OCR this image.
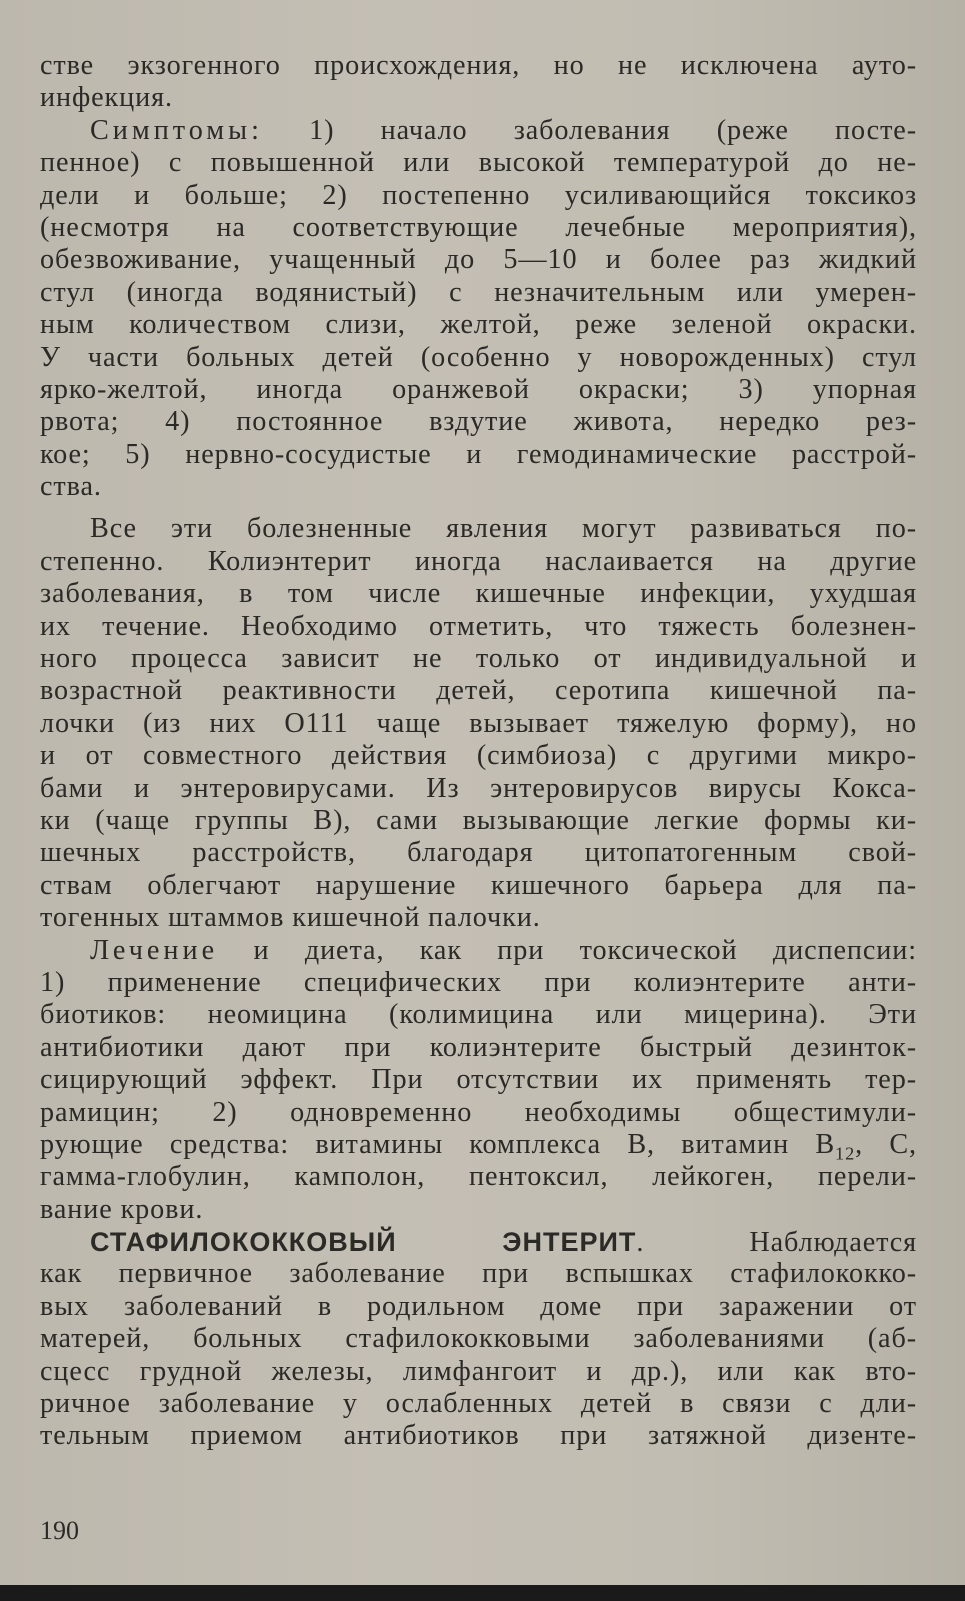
стве экзогенного происхождения, но не исключена ауто-
инфекция.
Симптомы: 1) начало заболевания (реже посте-
пенное) с повышенной или высокой температурой до не-
дели и больше; 2) постепенно усиливающийся токсикоз
(несмотря на соответствующие лечебные мероприятия),
обезвоживание, учащенный до 5—10 и более раз жидкий
стул (иногда водянистый) с незначительным или умерен-
ным количеством слизи, желтой, реже зеленой окраски.
У части больных детей (особенно у новорожденных) стул
ярко-желтой, иногда оранжевой окраски; 3) упорная
рвота; 4) постоянное вздутие живота, нередко рез-
кое; 5) нервно-сосудистые и гемодинамические расстрой-
ства.
Все эти болезненные явления могут развиваться по-
степенно. Колиэнтерит иногда наслаивается на другие
заболевания, в том числе кишечные инфекции, ухудшая
их течение. Необходимо отметить, что тяжесть болезнен-
ного процесса зависит не только от индивидуальной и
возрастной реактивности детей, серотипа кишечной па-
лочки (из них О111 чаще вызывает тяжелую форму), но
и от совместного действия (симбиоза) с другими микро-
бами и энтеровирусами. Из энтеровирусов вирусы Кокса-
ки (чаще группы В), сами вызывающие легкие формы ки-
шечных расстройств, благодаря цитопатогенным свой-
ствам облегчают нарушение кишечного барьера для па-
тогенных штаммов кишечной палочки.
Лечение и диета, как при токсической диспепсии:
1) применение специфических при колиэнтерите анти-
биотиков: неомицина (колимицина или мицерина). Эти
антибиотики дают при колиэнтерите быстрый дезинток-
сицирующий эффект. При отсутствии их применять тер-
рамицин; 2) одновременно необходимы общестимули-
рующие средства: витамины комплекса В, витамин $В_{12}$, С,
гамма-глобулин, камполон, пентоксил, лейкоген, перели-
вание крови.
СТАФИЛОКОККОВЫЙ ЭНТЕРИТ. Наблюдается
как первичное заболевание при вспышках стафилококко-
вых заболеваний в родильном доме при заражении от
матерей, больных стафилококковыми заболеваниями (аб-
сцесс грудной железы, лимфангоит и др.), или как вто-
ричное заболевание у ослабленных детей в связи с дли-
тельным приемом антибиотиков при затяжной дизенте-
190
